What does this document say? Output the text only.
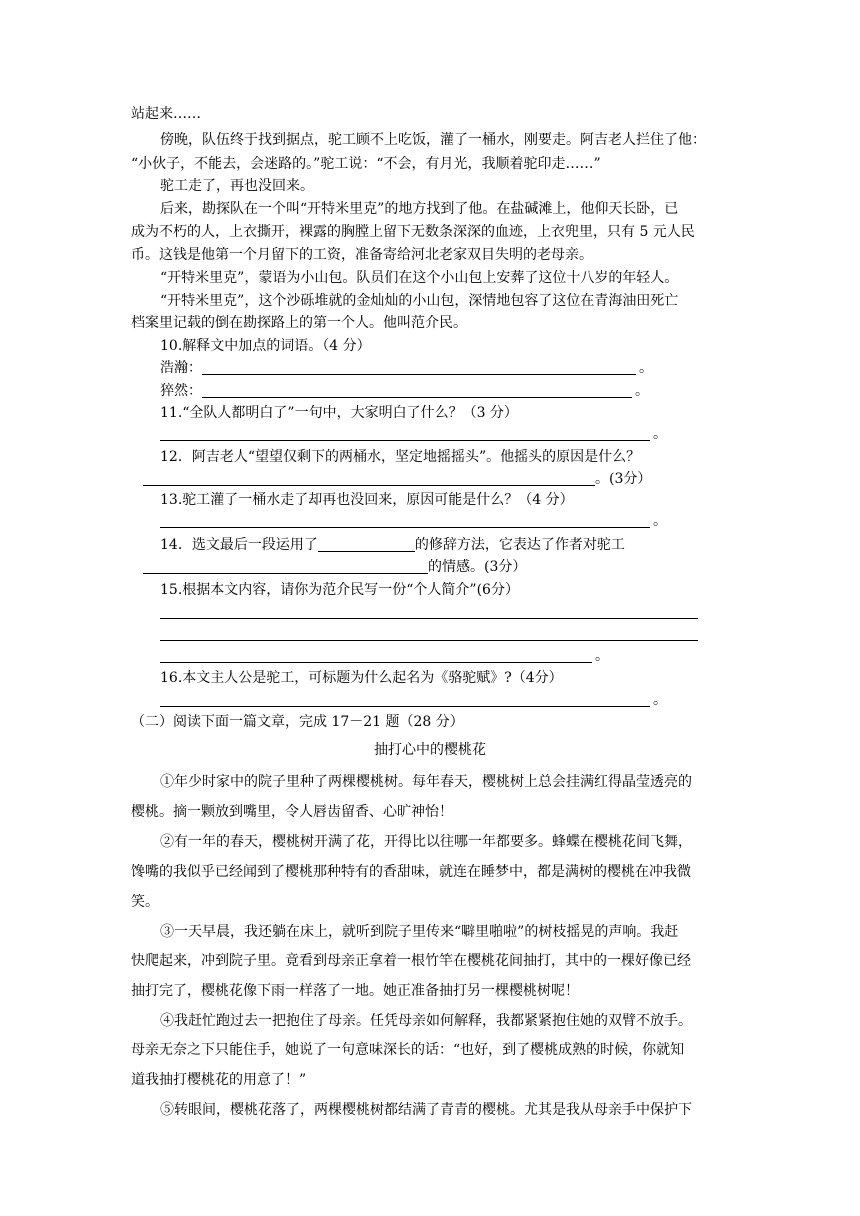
站起来……
傍晚，队伍终于找到据点，驼工顾不上吃饭，灌了一桶水，刚要走。阿吉老人拦住了他：
“小伙子，不能去，会迷路的。”驼工说：“不会，有月光，我顺着驼印走……”
驼工走了，再也没回来。
后来，勘探队在一个叫“开特米里克”的地方找到了他。在盐碱滩上，他仰天长卧，已
成为不朽的人，上衣撕开，裸露的胸膛上留下无数条深深的血迹，上衣兜里，只有 5 元人民
币。这钱是他第一个月留下的工资，准备寄给河北老家双目失明的老母亲。
“开特米里克”，蒙语为小山包。队员们在这个小山包上安葬了这位十八岁的年轻人。
“开特米里克”，这个沙砾堆就的金灿灿的小山包，深情地包容了这位在青海油田死亡
档案里记载的倒在勘探路上的第一个人。他叫范介民。
10.解释文中加点的词语。（4 分）
浩瀚：	。
猝然：	。
11.“全队人都明白了”一句中，大家明白了什么？（3 分）
。
12．阿吉老人“望望仅剩下的两桶水，坚定地摇摇头”。他摇头的原因是什么？
。(3分）
13.驼工灌了一桶水走了却再也没回来，原因可能是什么？（4 分）
。
14．选文最后一段运用了	的修辞方法，它表达了作者对驼工
的情感。(3分）
15.根据本文内容，请你为范介民写一份“个人简介”(6分）
。
16.本文主人公是驼工，可标题为什么起名为《骆驼赋》?（4分）
。
（二）阅读下面一篇文章，完成 17－21 题（28 分）
抽打心中的樱桃花
①年少时家中的院子里种了两棵樱桃树。每年春天，樱桃树上总会挂满红得晶莹透亮的
樱桃。摘一颗放到嘴里，令人唇齿留香、心旷神怡！
②有一年的春天，樱桃树开满了花，开得比以往哪一年都要多。蜂蝶在樱桃花间飞舞，
馋嘴的我似乎已经闻到了樱桃那种特有的香甜味，就连在睡梦中，都是满树的樱桃在冲我微
笑。
③一天早晨，我还躺在床上，就听到院子里传来“噼里啪啦”的树枝摇晃的声响。我赶
快爬起来，冲到院子里。竟看到母亲正拿着一根竹竿在樱桃花间抽打，其中的一棵好像已经
抽打完了，樱桃花像下雨一样落了一地。她正准备抽打另一棵樱桃树呢！
④我赶忙跑过去一把抱住了母亲。任凭母亲如何解释，我都紧紧抱住她的双臂不放手。
母亲无奈之下只能住手，她说了一句意味深长的话：“也好，到了樱桃成熟的时候，你就知
道我抽打樱桃花的用意了！”
⑤转眼间，樱桃花落了，两棵樱桃树都结满了青青的樱桃。尤其是我从母亲手中保护下
